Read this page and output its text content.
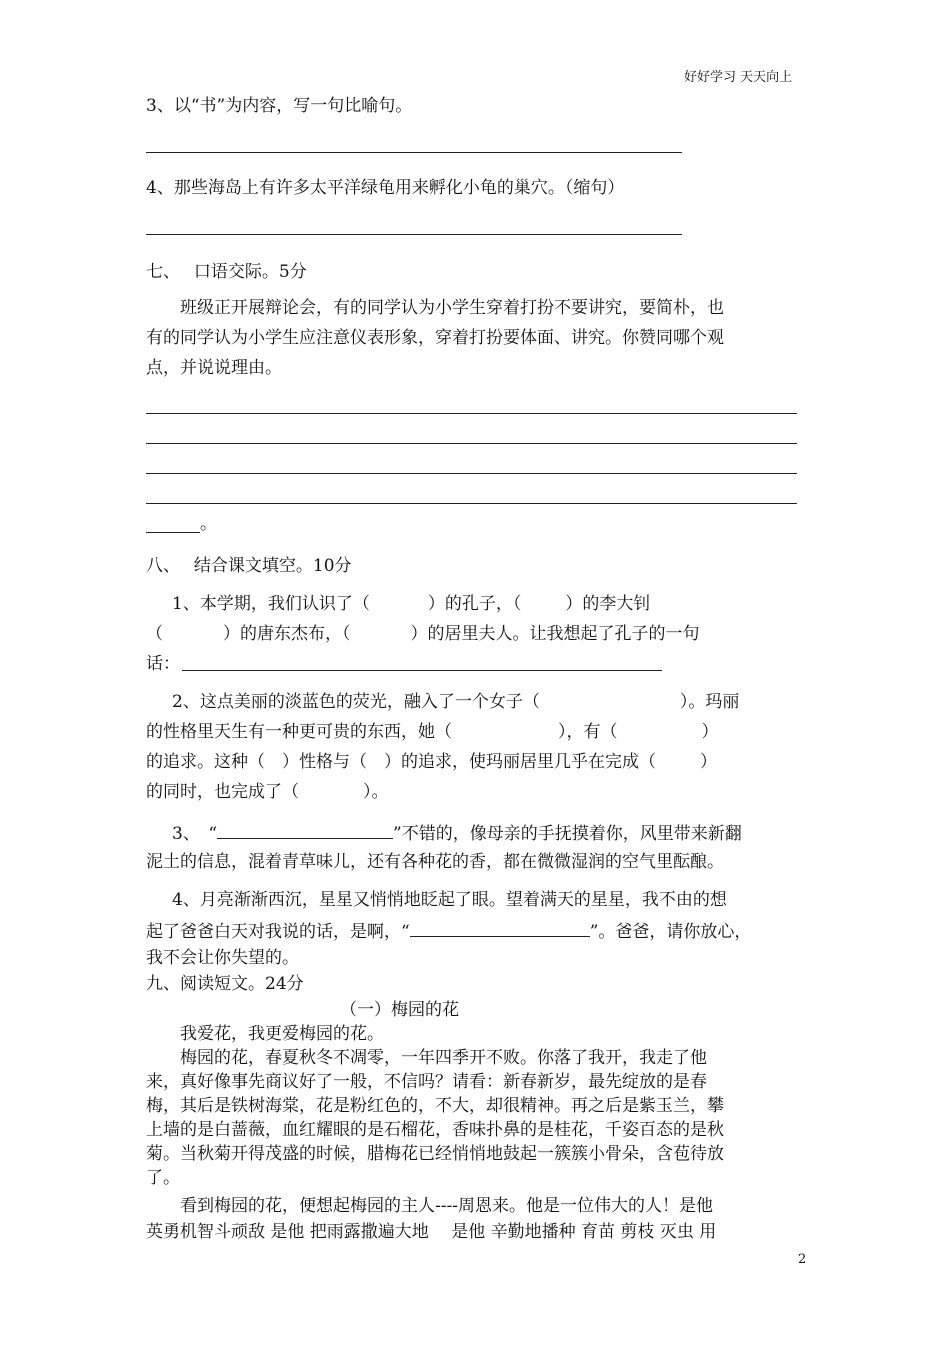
好好学习 天天向上
3、以“书”为内容，写一句比喻句。
4、那些海岛上有许多太平洋绿龟用来孵化小龟的巢穴。（缩句）
七、　 口语交际。5分
班级正开展辩论会，有的同学认为小学生穿着打扮不要讲究，要简朴，也
有的同学认为小学生应注意仪表形象，穿着打扮要体面、讲究。你赞同哪个观
点，并说说理由。
。
八、　 结合课文填空。10分
1、本学期，我们认识了（	）的孔子，（	）的李大钊
（	）的唐东杰布，（	）的居里夫人。让我想起了孔子的一句
话：
2、这点美丽的淡蓝色的荧光，融入了一个女子（	）。玛丽
的性格里天生有一种更可贵的东西，她（	），有（	）
的追求。这种（　）性格与（　）的追求，使玛丽居里几乎在完成（	）
的同时，也完成了（	）。
3、　“	”不错的，像母亲的手抚摸着你，风里带来新翻
泥土的信息，混着青草味儿，还有各种花的香，都在微微湿润的空气里酝酿。
4、月亮渐渐西沉，星星又悄悄地眨起了眼。望着满天的星星，我不由的想
起了爸爸白天对我说的话，是啊，“	”。爸爸，请你放心，
我不会让你失望的。
九、阅读短文。24分
（一）梅园的花
我爱花，我更爱梅园的花。
梅园的花，春夏秋冬不凋零，一年四季开不败。你落了我开，我走了他
来，真好像事先商议好了一般，不信吗？请看：新春新岁，最先绽放的是春
梅，其后是铁树海棠，花是粉红色的，不大，却很精神。再之后是紫玉兰，攀
上墙的是白蔷薇，血红耀眼的是石榴花，香味扑鼻的是桂花，千姿百态的是秋
菊。当秋菊开得茂盛的时候，腊梅花已经悄悄地鼓起一簇簇小骨朵，含苞待放
了。
看到梅园的花，便想起梅园的主人----周恩来。他是一位伟大的人！是他
英勇机智斗顽敌 是他 把雨露撒遍大地　 是他 辛勤地播种 育苗 剪枝 灭虫 用
2
